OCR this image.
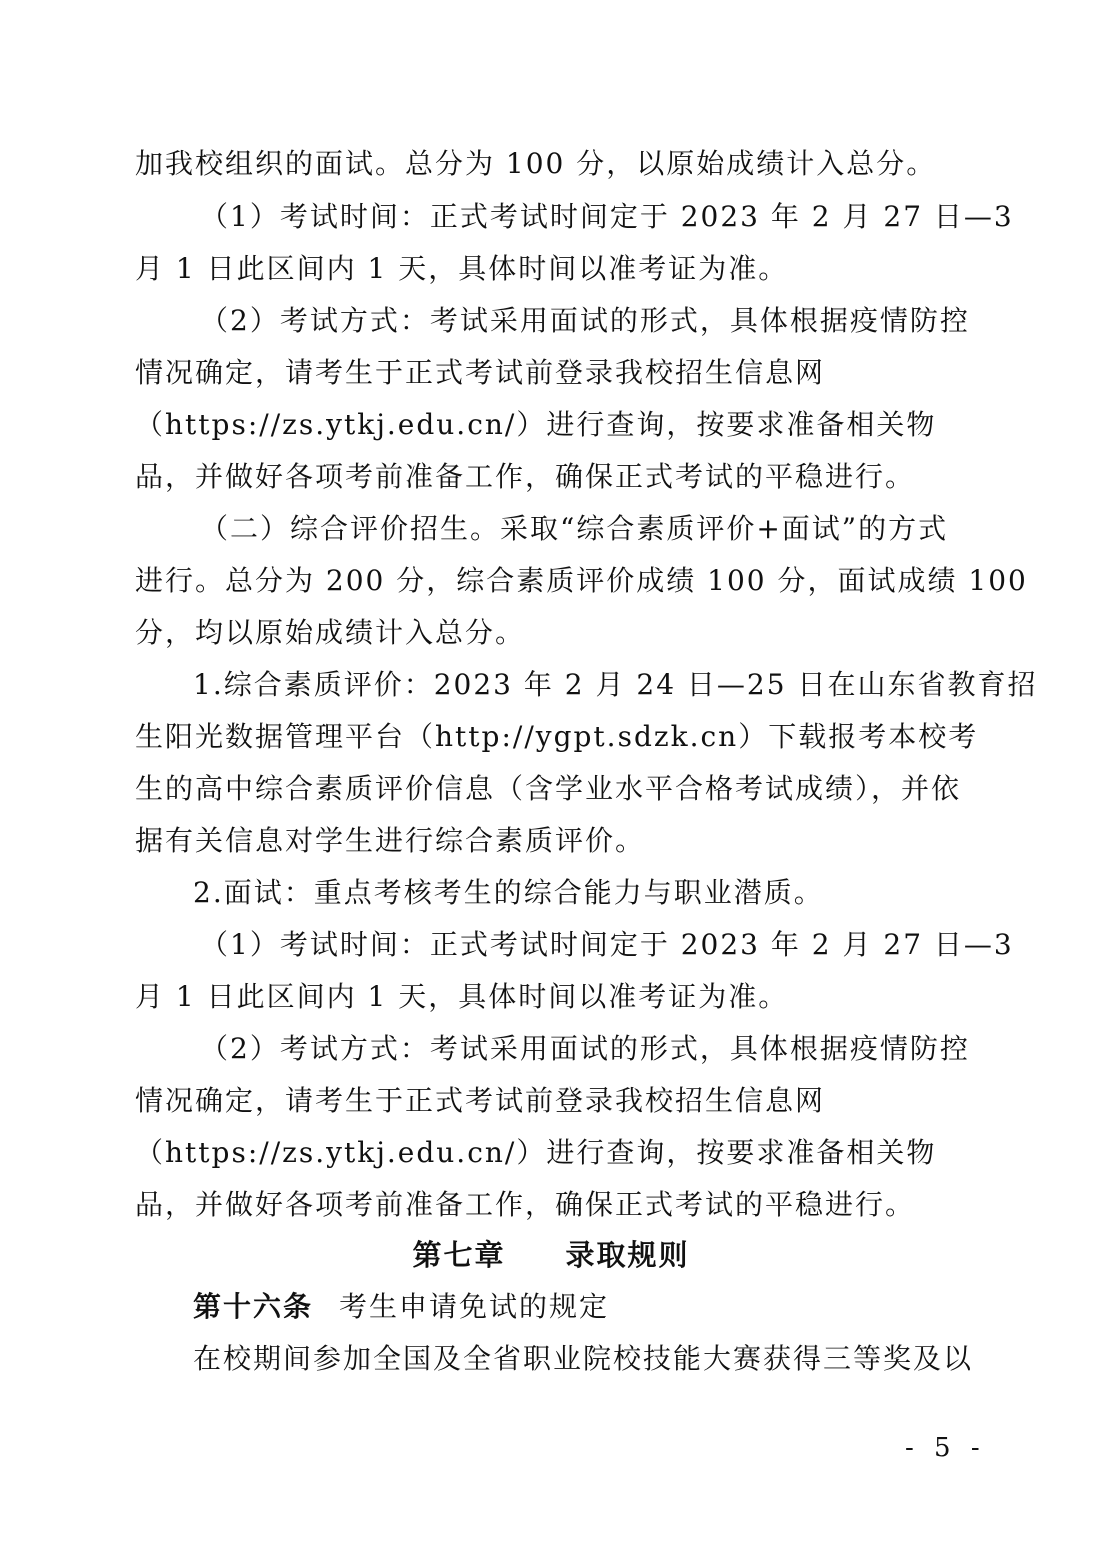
加我校组织的面试。总分为 100 分，以原始成绩计入总分。
（1）考试时间：正式考试时间定于 2023 年 2 月 27 日—3
月 1 日此区间内 1 天，具体时间以准考证为准。
（2）考试方式：考试采用面试的形式，具体根据疫情防控
情况确定，请考生于正式考试前登录我校招生信息网
（https://zs.ytkj.edu.cn/）进行查询，按要求准备相关物
品，并做好各项考前准备工作，确保正式考试的平稳进行。
（二）综合评价招生。采取“综合素质评价+面试”的方式
进行。总分为 200 分，综合素质评价成绩 100 分，面试成绩 100
分，均以原始成绩计入总分。
1.综合素质评价：2023 年 2 月 24 日—25 日在山东省教育招
生阳光数据管理平台（http://ygpt.sdzk.cn）下载报考本校考
生的高中综合素质评价信息（含学业水平合格考试成绩），并依
据有关信息对学生进行综合素质评价。
2.面试：重点考核考生的综合能力与职业潜质。
（1）考试时间：正式考试时间定于 2023 年 2 月 27 日—3
月 1 日此区间内 1 天，具体时间以准考证为准。
（2）考试方式：考试采用面试的形式，具体根据疫情防控
情况确定，请考生于正式考试前登录我校招生信息网
（https://zs.ytkj.edu.cn/）进行查询，按要求准备相关物
品，并做好各项考前准备工作，确保正式考试的平稳进行。
第七章 录取规则
第十六条 考生申请免试的规定
在校期间参加全国及全省职业院校技能大赛获得三等奖及以
- 5 -
